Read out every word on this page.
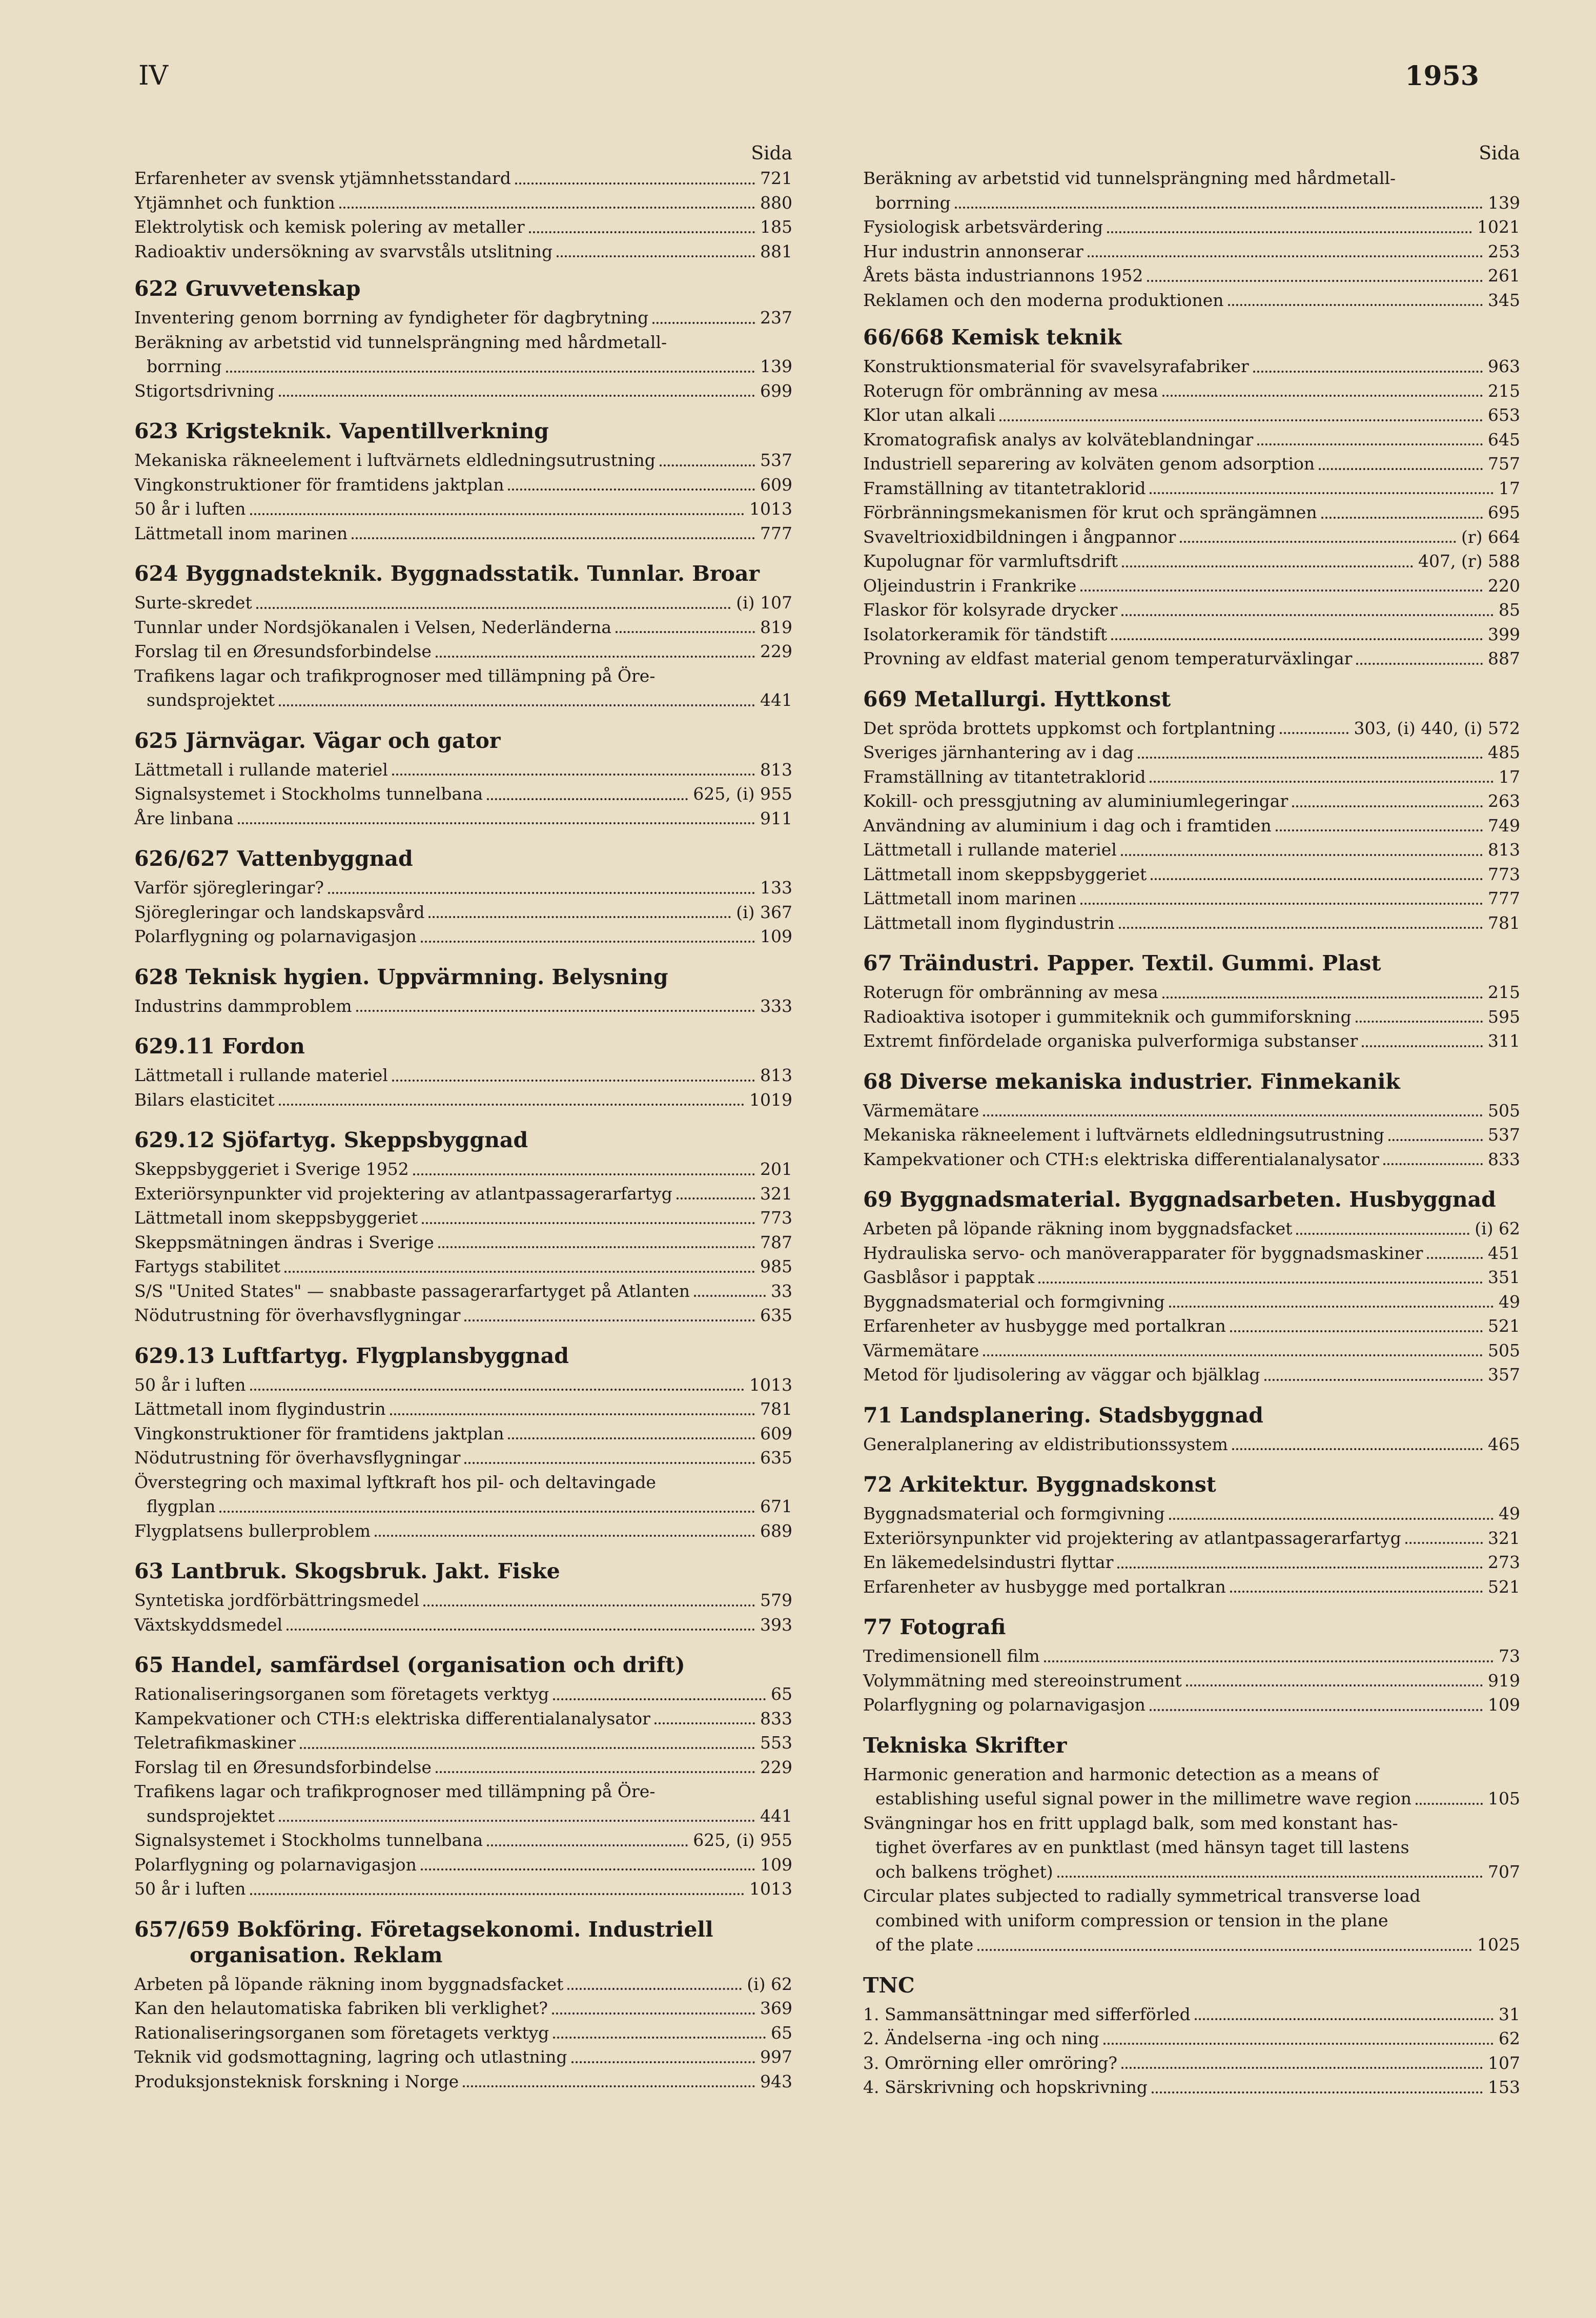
IV	1953
Sida
Erfarenheter av svensk ytjämnhetsstandard	721
Ytjämnhet och funktion	880
Elektrolytisk och kemisk polering av metaller	185
Radioaktiv undersökning av svarvståls utslitning	881
622 Gruvvetenskap
Inventering genom borrning av fyndigheter för dagbrytning	237
Beräkning av arbetstid vid tunnelsprängning med hårdmetall-
borrning	139
Stigortsdrivning	699
623 Krigsteknik. Vapentillverkning
Mekaniska räkneelement i luftvärnets eldledningsutrustning	537
Vingkonstruktioner för framtidens jaktplan	609
50 år i luften	1013
Lättmetall inom marinen	777
624 Byggnadsteknik. Byggnadsstatik. Tunnlar. Broar
Surte-skredet	(i) 107
Tunnlar under Nordsjökanalen i Velsen, Nederländerna	819
Forslag til en Øresundsforbindelse	229
Trafikens lagar och trafikprognoser med tillämpning på Öre-
sundsprojektet	441
625 Järnvägar. Vägar och gator
Lättmetall i rullande materiel	813
Signalsystemet i Stockholms tunnelbana	625, (i) 955
Åre linbana	911
626/627 Vattenbyggnad
Varför sjöregleringar?	133
Sjöregleringar och landskapsvård	(i) 367
Polarflygning og polarnavigasjon	109
628 Teknisk hygien. Uppvärmning. Belysning
Industrins dammproblem	333
629.11 Fordon
Lättmetall i rullande materiel	813
Bilars elasticitet	1019
629.12 Sjöfartyg. Skeppsbyggnad
Skeppsbyggeriet i Sverige 1952	201
Exteriörsynpunkter vid projektering av atlantpassagerarfartyg	321
Lättmetall inom skeppsbyggeriet	773
Skeppsmätningen ändras i Sverige	787
Fartygs stabilitet	985
S/S "United States" — snabbaste passagerarfartyget på Atlanten	33
Nödutrustning för överhavsflygningar	635
629.13 Luftfartyg. Flygplansbyggnad
50 år i luften	1013
Lättmetall inom flygindustrin	781
Vingkonstruktioner för framtidens jaktplan	609
Nödutrustning för överhavsflygningar	635
Överstegring och maximal lyftkraft hos pil- och deltavingade
flygplan	671
Flygplatsens bullerproblem	689
63 Lantbruk. Skogsbruk. Jakt. Fiske
Syntetiska jordförbättringsmedel	579
Växtskyddsmedel	393
65 Handel, samfärdsel (organisation och drift)
Rationaliseringsorganen som företagets verktyg	65
Kampekvationer och CTH:s elektriska differentialanalysator	833
Teletrafikmaskiner	553
Forslag til en Øresundsforbindelse	229
Trafikens lagar och trafikprognoser med tillämpning på Öre-
sundsprojektet	441
Signalsystemet i Stockholms tunnelbana	625, (i) 955
Polarflygning og polarnavigasjon	109
50 år i luften	1013
657/659 Bokföring. Företagsekonomi. Industriell
organisation. Reklam
Arbeten på löpande räkning inom byggnadsfacket	(i) 62
Kan den helautomatiska fabriken bli verklighet?	369
Rationaliseringsorganen som företagets verktyg	65
Teknik vid godsmottagning, lagring och utlastning	997
Produksjonsteknisk forskning i Norge	943
Sida
Beräkning av arbetstid vid tunnelsprängning med hårdmetall-
borrning	139
Fysiologisk arbetsvärdering	1021
Hur industrin annonserar	253
Årets bästa industriannons 1952	261
Reklamen och den moderna produktionen	345
66/668 Kemisk teknik
Konstruktionsmaterial för svavelsyrafabriker	963
Roterugn för ombränning av mesa	215
Klor utan alkali	653
Kromatografisk analys av kolväteblandningar	645
Industriell separering av kolväten genom adsorption	757
Framställning av titantetraklorid	17
Förbränningsmekanismen för krut och sprängämnen	695
Svaveltrioxidbildningen i ångpannor	(r) 664
Kupolugnar för varmluftsdrift	407, (r) 588
Oljeindustrin i Frankrike	220
Flaskor för kolsyrade drycker	85
Isolatorkeramik för tändstift	399
Provning av eldfast material genom temperaturväxlingar	887
669 Metallurgi. Hyttkonst
Det spröda brottets uppkomst och fortplantning	303, (i) 440, (i) 572
Sveriges järnhantering av i dag	485
Framställning av titantetraklorid	17
Kokill- och pressgjutning av aluminiumlegeringar	263
Användning av aluminium i dag och i framtiden	749
Lättmetall i rullande materiel	813
Lättmetall inom skeppsbyggeriet	773
Lättmetall inom marinen	777
Lättmetall inom flygindustrin	781
67 Träindustri. Papper. Textil. Gummi. Plast
Roterugn för ombränning av mesa	215
Radioaktiva isotoper i gummiteknik och gummiforskning	595
Extremt finfördelade organiska pulverformiga substanser	311
68 Diverse mekaniska industrier. Finmekanik
Värmemätare	505
Mekaniska räkneelement i luftvärnets eldledningsutrustning	537
Kampekvationer och CTH:s elektriska differentialanalysator	833
69 Byggnadsmaterial. Byggnadsarbeten. Husbyggnad
Arbeten på löpande räkning inom byggnadsfacket	(i) 62
Hydrauliska servo- och manöverapparater för byggnadsmaskiner	451
Gasblåsor i papptak	351
Byggnadsmaterial och formgivning	49
Erfarenheter av husbygge med portalkran	521
Värmemätare	505
Metod för ljudisolering av väggar och bjälklag	357
71 Landsplanering. Stadsbyggnad
Generalplanering av eldistributionssystem	465
72 Arkitektur. Byggnadskonst
Byggnadsmaterial och formgivning	49
Exteriörsynpunkter vid projektering av atlantpassagerarfartyg	321
En läkemedelsindustri flyttar	273
Erfarenheter av husbygge med portalkran	521
77 Fotografi
Tredimensionell film	73
Volymmätning med stereoinstrument	919
Polarflygning og polarnavigasjon	109
Tekniska Skrifter
Harmonic generation and harmonic detection as a means of
establishing useful signal power in the millimetre wave region	105
Svängningar hos en fritt upplagd balk, som med konstant has-
tighet överfares av en punktlast (med hänsyn taget till lastens
och balkens tröghet)	707
Circular plates subjected to radially symmetrical transverse load
combined with uniform compression or tension in the plane
of the plate	1025
TNC
1. Sammansättningar med sifferförled	31
2. Ändelserna -ing och ning	62
3. Omrörning eller omröring?	107
4. Särskrivning och hopskrivning	153
